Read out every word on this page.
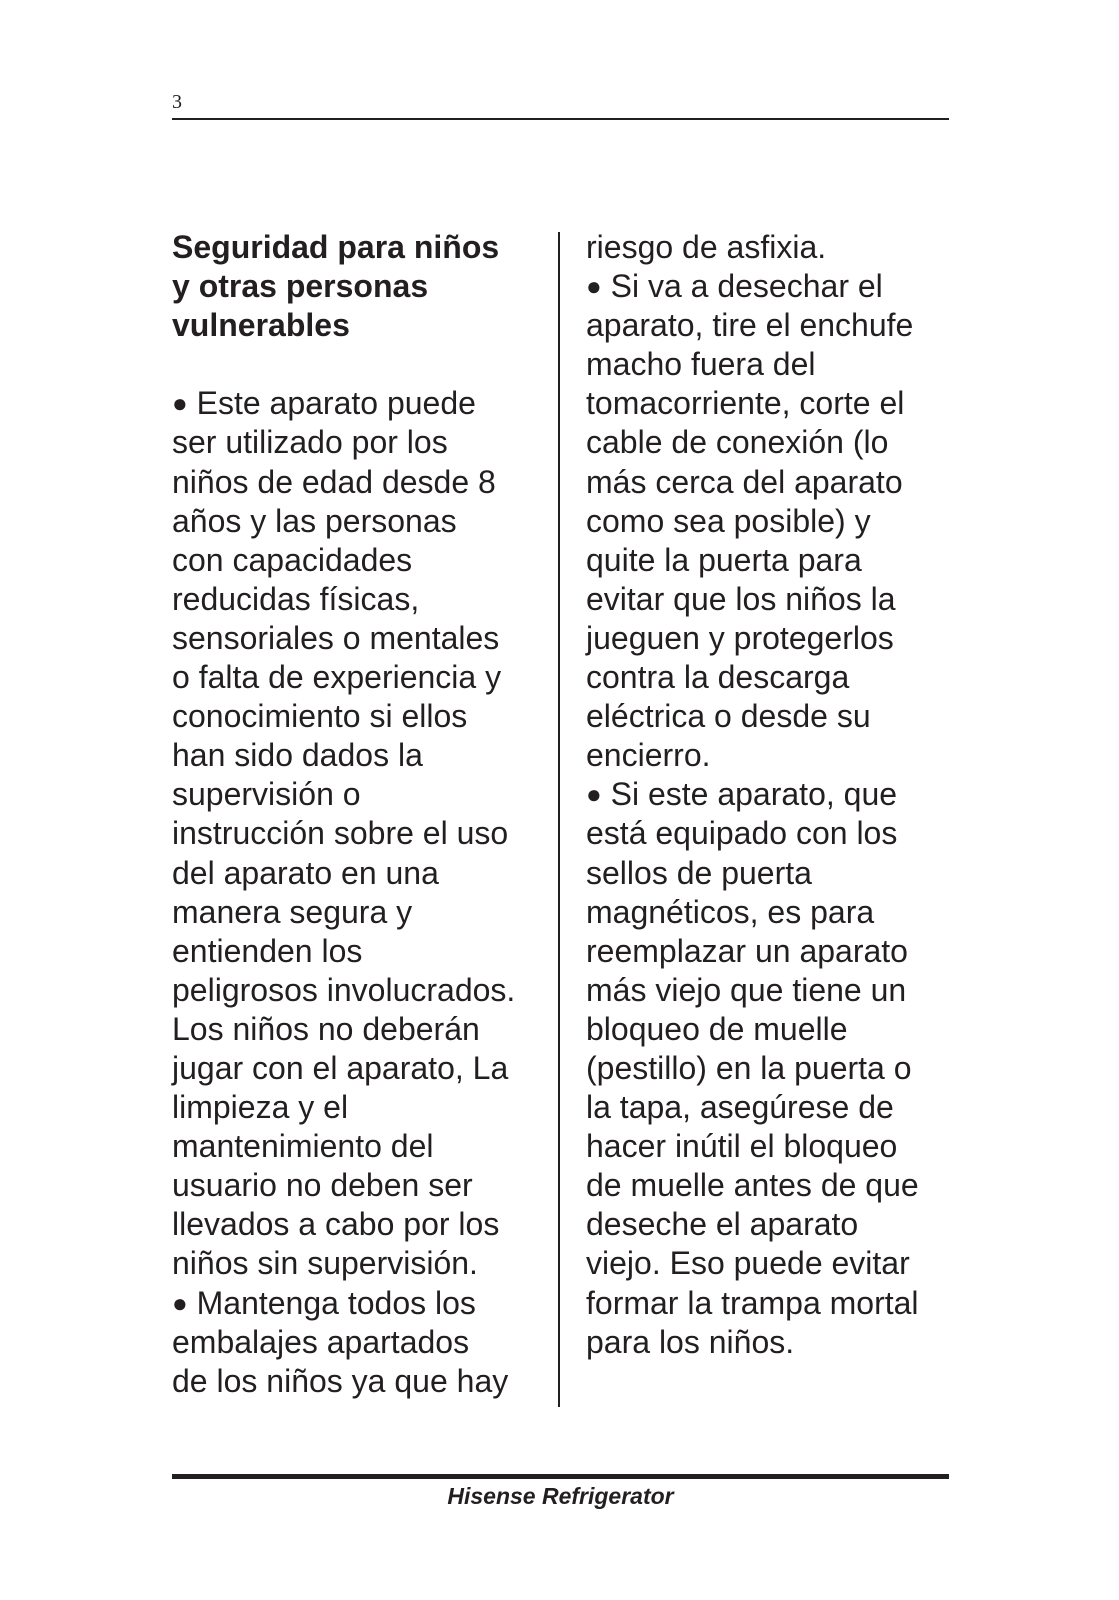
3
Seguridad para niños
y otras personas
vulnerables
● Este aparato puede
ser utilizado por los
niños de edad desde 8
años y las personas
con capacidades
reducidas físicas,
sensoriales o mentales
o falta de experiencia y
conocimiento si ellos
han sido dados la
supervisión o
instrucción sobre el uso
del aparato en una
manera segura y
entienden los
peligrosos involucrados.
Los niños no deberán
jugar con el aparato, La
limpieza y el
mantenimiento del
usuario no deben ser
llevados a cabo por los
niños sin supervisión.
● Mantenga todos los
embalajes apartados
de los niños ya que hay
riesgo de asfixia.
● Si va a desechar el
aparato, tire el enchufe
macho fuera del
tomacorriente, corte el
cable de conexión (lo
más cerca del aparato
como sea posible) y
quite la puerta para
evitar que los niños la
jueguen y protegerlos
contra la descarga
eléctrica o desde su
encierro.
● Si este aparato, que
está equipado con los
sellos de puerta
magnéticos, es para
reemplazar un aparato
más viejo que tiene un
bloqueo de muelle
(pestillo) en la puerta o
la tapa, asegúrese de
hacer inútil el bloqueo
de muelle antes de que
deseche el aparato
viejo. Eso puede evitar
formar la trampa mortal
para los niños.
Hisense Refrigerator
